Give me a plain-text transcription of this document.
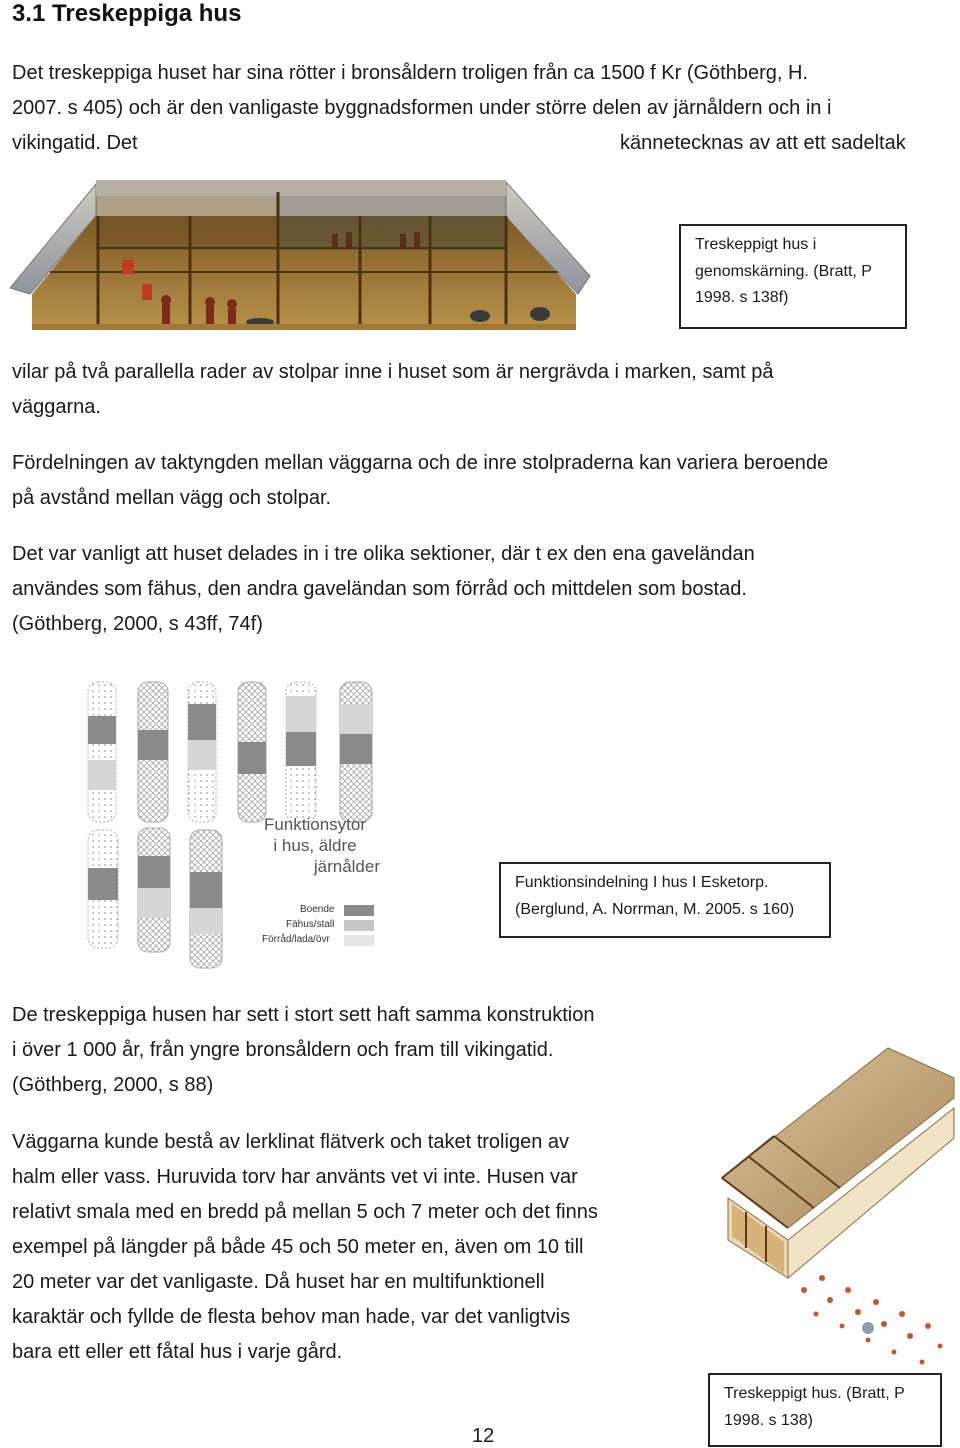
3.1 Treskeppiga hus
Det treskeppiga huset har sina rötter i bronsåldern troligen från ca 1500 f Kr (Göthberg, H.
2007. s 405) och är den vanligaste byggnadsformen under större delen av järnåldern och in i
vikingatid. Det	kännetecknas av att ett sadeltak
Treskeppigt hus i
genomskärning. (Bratt, P
1998. s 138f)
vilar på två parallella rader av stolpar inne i huset som är nergrävda i marken, samt på
väggarna.
Fördelningen av taktyngden mellan väggarna och de inre stolpraderna kan variera beroende
på avstånd mellan vägg och stolpar.
Det var vanligt att huset delades in i tre olika sektioner, där t ex den ena gaveländan
användes som fähus, den andra gaveländan som förråd och mittdelen som bostad.
(Göthberg, 2000, s 43ff, 74f)
Funktionsytor
i hus, äldre
järnålder
Boende
Fähus/stall
Förråd/lada/övr
Funktionsindelning I hus I Esketorp.
(Berglund, A. Norrman, M. 2005. s 160)
De treskeppiga husen har sett i stort sett haft samma konstruktion
i över 1 000 år, från yngre bronsåldern och fram till vikingatid.
(Göthberg, 2000, s 88)
Väggarna kunde bestå av lerklinat flätverk och taket troligen av
halm eller vass. Huruvida torv har använts vet vi inte. Husen var
relativt smala med en bredd på mellan 5 och 7 meter och det finns
exempel på längder på både 45 och 50 meter en, även om 10 till
20 meter var det vanligaste. Då huset har en multifunktionell
karaktär och fyllde de flesta behov man hade, var det vanligtvis
bara ett eller ett fåtal hus i varje gård.
Treskeppigt hus. (Bratt, P
1998. s 138)
12
